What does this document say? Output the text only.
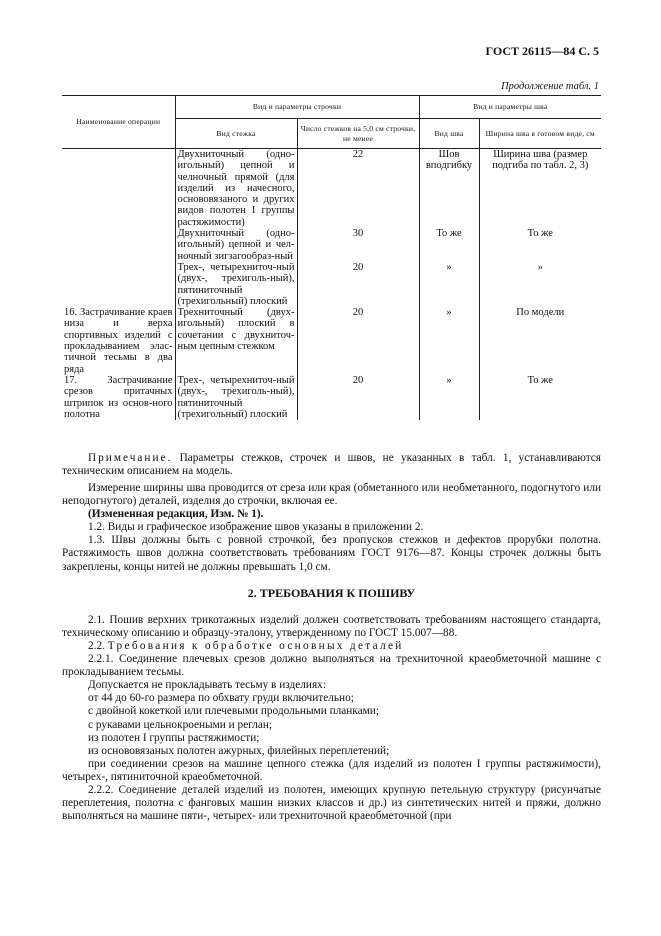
ГОСТ 26115—84 С. 5
Продолжение табл. 1
Наименование операции	Вид и параметры строчки		Вид и параметры шва	
	Вид стежка	Число стежков на 5,0 см строчки, не менее	Вид шва	Ширина шва в готовом виде, см
	Двухниточный (одно-игольный) цепной и челночный прямой (для изделий из начесного, основовязаного и других видов полотен I группы растяжимости)	22	Шов вподгибку	Ширина шва (размер подгиба по табл. 2, 3)
	Двухниточный (одно-игольный) цепной и чел-ночный зигзагообраз-ный	30	То же	То же
	Трех-, четырехниточ-ный (двух-, трехиголь-ный), пятиниточный (трехигольный) плоский	20	»	»
16. Застрачивание краев низа и верха спортивных изделий с прокладыванием элас-тичной тесьмы в два ряда	Трехниточный (двух-игольный) плоский в сочетании с двухниточ-ным цепным стежком	20	»	По модели
17. Застрачивание срезов притачных штрипок из основ-ного полотна	Трех-, четырехниточ-ный (двух-, трехиголь-ный), пятиниточный (трехигольный) плоский	20	»	То же

Примечание. Параметры стежков, строчек и швов, не указанных в табл. 1, устанавливаются техническим описанием на модель.

Измерение ширины шва проводится от среза или края (обметанного или необметанного, подогнутого или неподогнутого) деталей, изделия до строчки, включая ее.

(Измененная редакция, Изм. № 1).

1.2. Виды и графическое изображение швов указаны в приложении 2.

1.3. Швы должны быть с ровной строчкой, без пропусков стежков и дефектов прорубки полотна. Растяжимость швов должна соответствовать требованиям ГОСТ 9176—87. Концы строчек должны быть закреплены, концы нитей не должны превышать 1,0 см.

2. ТРЕБОВАНИЯ К ПОШИВУ

2.1. Пошив верхних трикотажных изделий должен соответствовать требованиям настоящего стандарта, техническому описанию и образцу-эталону, утвержденному по ГОСТ 15.007—88.

2.2. Требования к обработке основных деталей

2.2.1. Соединение плечевых срезов должно выполняться на трехниточной краеобметочной машине с прокладыванием тесьмы.

Допускается не прокладывать тесьму в изделиях:

от 44 до 60-го размера по обхвату груди включительно;

с двойной кокеткой или плечевыми продольными планками;

с рукавами цельнокроеными и реглан;

из полотен I группы растяжимости;

из основовязаных полотен ажурных, филейных переплетений;

при соединении срезов на машине цепного стежка (для изделий из полотен I группы растяжимости), четырех-, пятиниточной краеобметочной.

2.2.2. Соединение деталей изделий из полотен, имеющих крупную петельную структуру (рисунчатые переплетения, полотна с фанговых машин низких классов и др.) из синтетических нитей и пряжи, должно выполняться на машине пяти-, четырех- или трехниточной краеобметочной (при
